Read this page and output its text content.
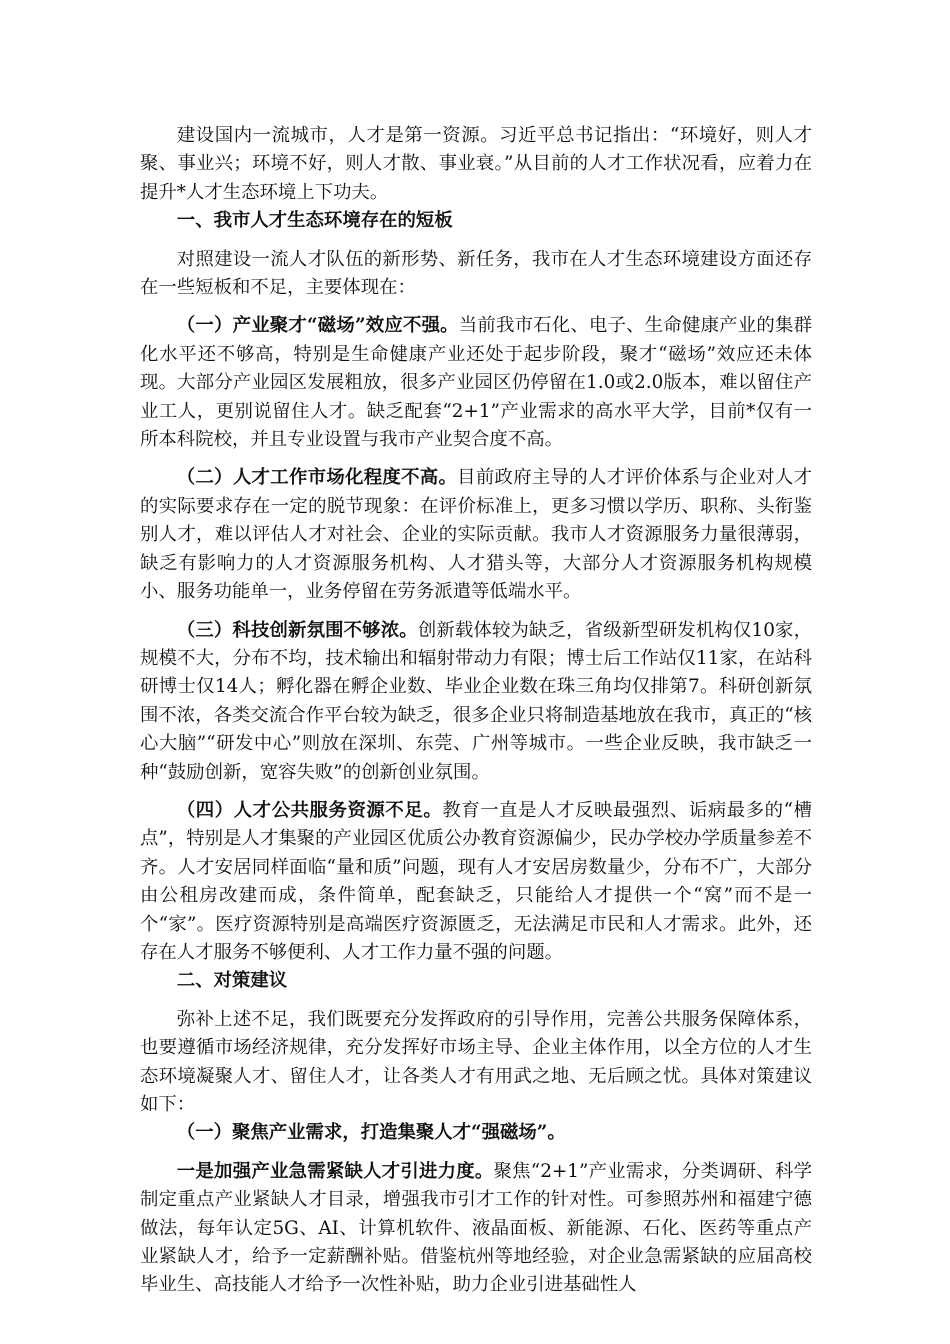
建设国内一流城市，人才是第一资源。习近平总书记指出：“环境好，则人才聚、事业兴；环境不好，则人才散、事业衰。”从目前的人才工作状况看，应着力在提升*人才生态环境上下功夫。

一、我市人才生态环境存在的短板

对照建设一流人才队伍的新形势、新任务，我市在人才生态环境建设方面还存在一些短板和不足，主要体现在：

（一）产业聚才“磁场”效应不强。当前我市石化、电子、生命健康产业的集群化水平还不够高，特别是生命健康产业还处于起步阶段，聚才“磁场”效应还未体现。大部分产业园区发展粗放，很多产业园区仍停留在1.0或2.0版本，难以留住产业工人，更别说留住人才。缺乏配套“2+1”产业需求的高水平大学，目前*仅有一所本科院校，并且专业设置与我市产业契合度不高。

（二）人才工作市场化程度不高。目前政府主导的人才评价体系与企业对人才的实际要求存在一定的脱节现象：在评价标准上，更多习惯以学历、职称、头衔鉴别人才，难以评估人才对社会、企业的实际贡献。我市人才资源服务力量很薄弱，缺乏有影响力的人才资源服务机构、人才猎头等，大部分人才资源服务机构规模小、服务功能单一，业务停留在劳务派遣等低端水平。

（三）科技创新氛围不够浓。创新载体较为缺乏，省级新型研发机构仅10家，规模不大，分布不均，技术输出和辐射带动力有限；博士后工作站仅11家，在站科研博士仅14人；孵化器在孵企业数、毕业企业数在珠三角均仅排第7。科研创新氛围不浓，各类交流合作平台较为缺乏，很多企业只将制造基地放在我市，真正的“核心大脑”“研发中心”则放在深圳、东莞、广州等城市。一些企业反映，我市缺乏一种“鼓励创新，宽容失败”的创新创业氛围。

（四）人才公共服务资源不足。教育一直是人才反映最强烈、诟病最多的“槽点”，特别是人才集聚的产业园区优质公办教育资源偏少，民办学校办学质量参差不齐。人才安居同样面临“量和质”问题，现有人才安居房数量少，分布不广，大部分由公租房改建而成，条件简单，配套缺乏，只能给人才提供一个“窝”而不是一个“家”。医疗资源特别是高端医疗资源匮乏，无法满足市民和人才需求。此外，还存在人才服务不够便利、人才工作力量不强的问题。

二、对策建议

弥补上述不足，我们既要充分发挥政府的引导作用，完善公共服务保障体系，也要遵循市场经济规律，充分发挥好市场主导、企业主体作用，以全方位的人才生态环境凝聚人才、留住人才，让各类人才有用武之地、无后顾之忧。具体对策建议如下：

（一）聚焦产业需求，打造集聚人才“强磁场”。

一是加强产业急需紧缺人才引进力度。聚焦“2+1”产业需求，分类调研、科学制定重点产业紧缺人才目录，增强我市引才工作的针对性。可参照苏州和福建宁德做法，每年认定5G、AI、计算机软件、液晶面板、新能源、石化、医药等重点产业紧缺人才，给予一定薪酬补贴。借鉴杭州等地经验，对企业急需紧缺的应届高校毕业生、高技能人才给予一次性补贴，助力企业引进基础性人
